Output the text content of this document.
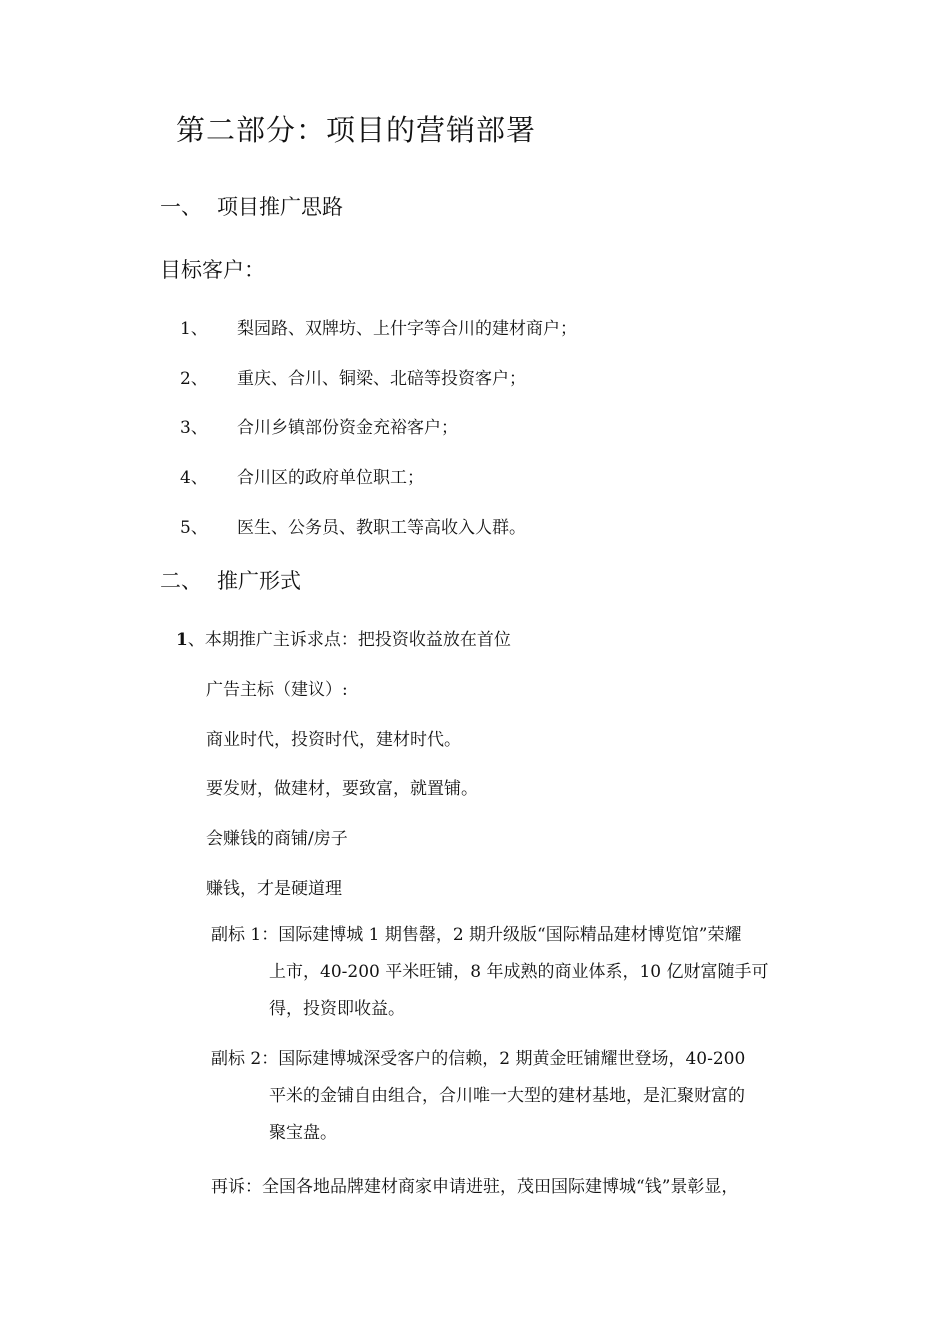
第二部分：项目的营销部署
一、 项目推广思路
目标客户：
1、 梨园路、双牌坊、上什字等合川的建材商户；
2、 重庆、合川、铜梁、北碚等投资客户；
3、 合川乡镇部份资金充裕客户；
4、 合川区的政府单位职工；
5、 医生、公务员、教职工等高收入人群。
二、 推广形式
1、本期推广主诉求点：把投资收益放在首位
广告主标（建议）:
商业时代，投资时代，建材时代。
要发财，做建材，要致富，就置铺。
会赚钱的商铺/房子
赚钱，才是硬道理
副标 1：国际建博城 1 期售罄，2 期升级版“国际精品建材博览馆”荣耀
上市，40-200 平米旺铺，8 年成熟的商业体系，10 亿财富随手可
得，投资即收益。
副标 2：国际建博城深受客户的信赖，2 期黄金旺铺耀世登场，40-200
平米的金铺自由组合，合川唯一大型的建材基地，是汇聚财富的
聚宝盘。
再诉：全国各地品牌建材商家申请进驻，茂田国际建博城“钱”景彰显，
